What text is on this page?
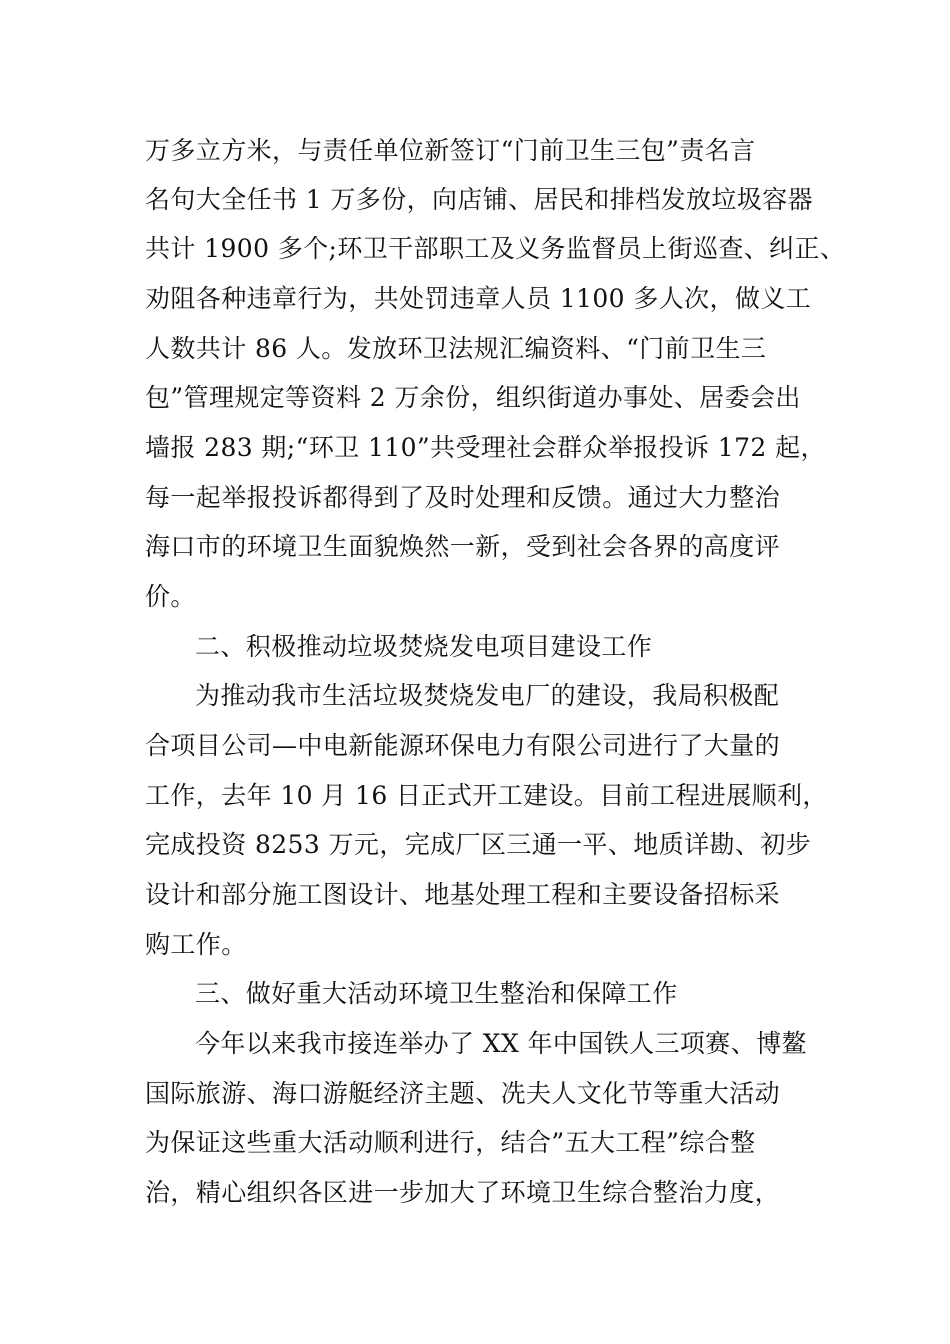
万多立方米，与责任单位新签订“门前卫生三包”责名言
名句大全任书 1 万多份，向店铺、居民和排档发放垃圾容器
共计 1900 多个;环卫干部职工及义务监督员上街巡查、纠正、
劝阻各种违章行为，共处罚违章人员 1100 多人次，做义工
人数共计 86 人。发放环卫法规汇编资料、“门前卫生三
包”管理规定等资料 2 万余份，组织街道办事处、居委会出
墙报 283 期;“环卫 110”共受理社会群众举报投诉 172 起，
每一起举报投诉都得到了及时处理和反馈。通过大力整治
海口市的环境卫生面貌焕然一新，受到社会各界的高度评
价。
二、积极推动垃圾焚烧发电项目建设工作
为推动我市生活垃圾焚烧发电厂的建设，我局积极配
合项目公司—中电新能源环保电力有限公司进行了大量的
工作，去年 10 月 16 日正式开工建设。目前工程进展顺利，
完成投资 8253 万元，完成厂区三通一平、地质详勘、初步
设计和部分施工图设计、地基处理工程和主要设备招标采
购工作。
三、做好重大活动环境卫生整治和保障工作
今年以来我市接连举办了 XX 年中国铁人三项赛、博鳌
国际旅游、海口游艇经济主题、冼夫人文化节等重大活动
为保证这些重大活动顺利进行，结合”五大工程”综合整
治，精心组织各区进一步加大了环境卫生综合整治力度，
